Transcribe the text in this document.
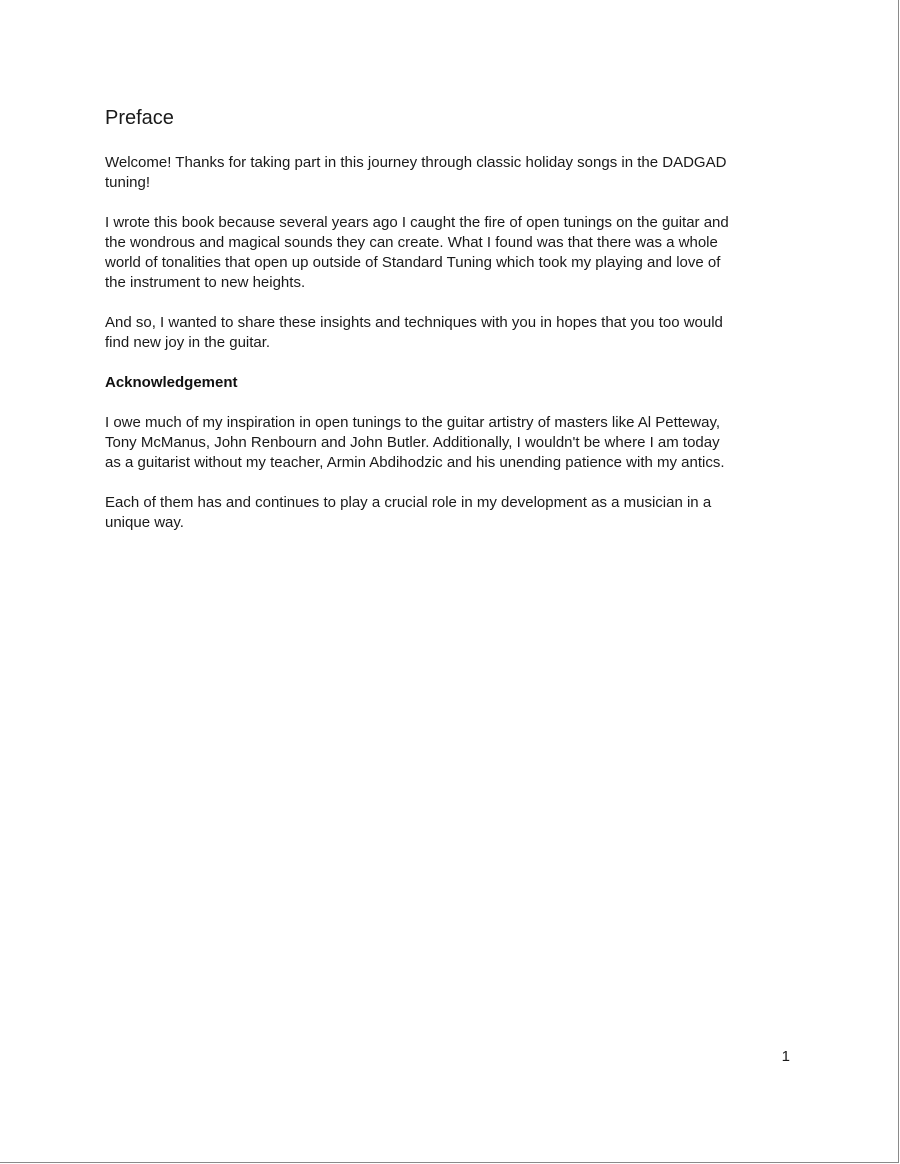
Preface

Welcome! Thanks for taking part in this journey through classic holiday songs in the DADGAD
tuning!

I wrote this book because several years ago I caught the fire of open tunings on the guitar and
the wondrous and magical sounds they can create. What I found was that there was a whole
world of tonalities that open up outside of Standard Tuning which took my playing and love of
the instrument to new heights.

And so, I wanted to share these insights and techniques with you in hopes that you too would
find new joy in the guitar.

Acknowledgement

I owe much of my inspiration in open tunings to the guitar artistry of masters like Al Petteway,
Tony McManus, John Renbourn and John Butler. Additionally, I wouldn't be where I am today
as a guitarist without my teacher, Armin Abdihodzic and his unending patience with my antics.

Each of them has and continues to play a crucial role in my development as a musician in a
unique way.

1
